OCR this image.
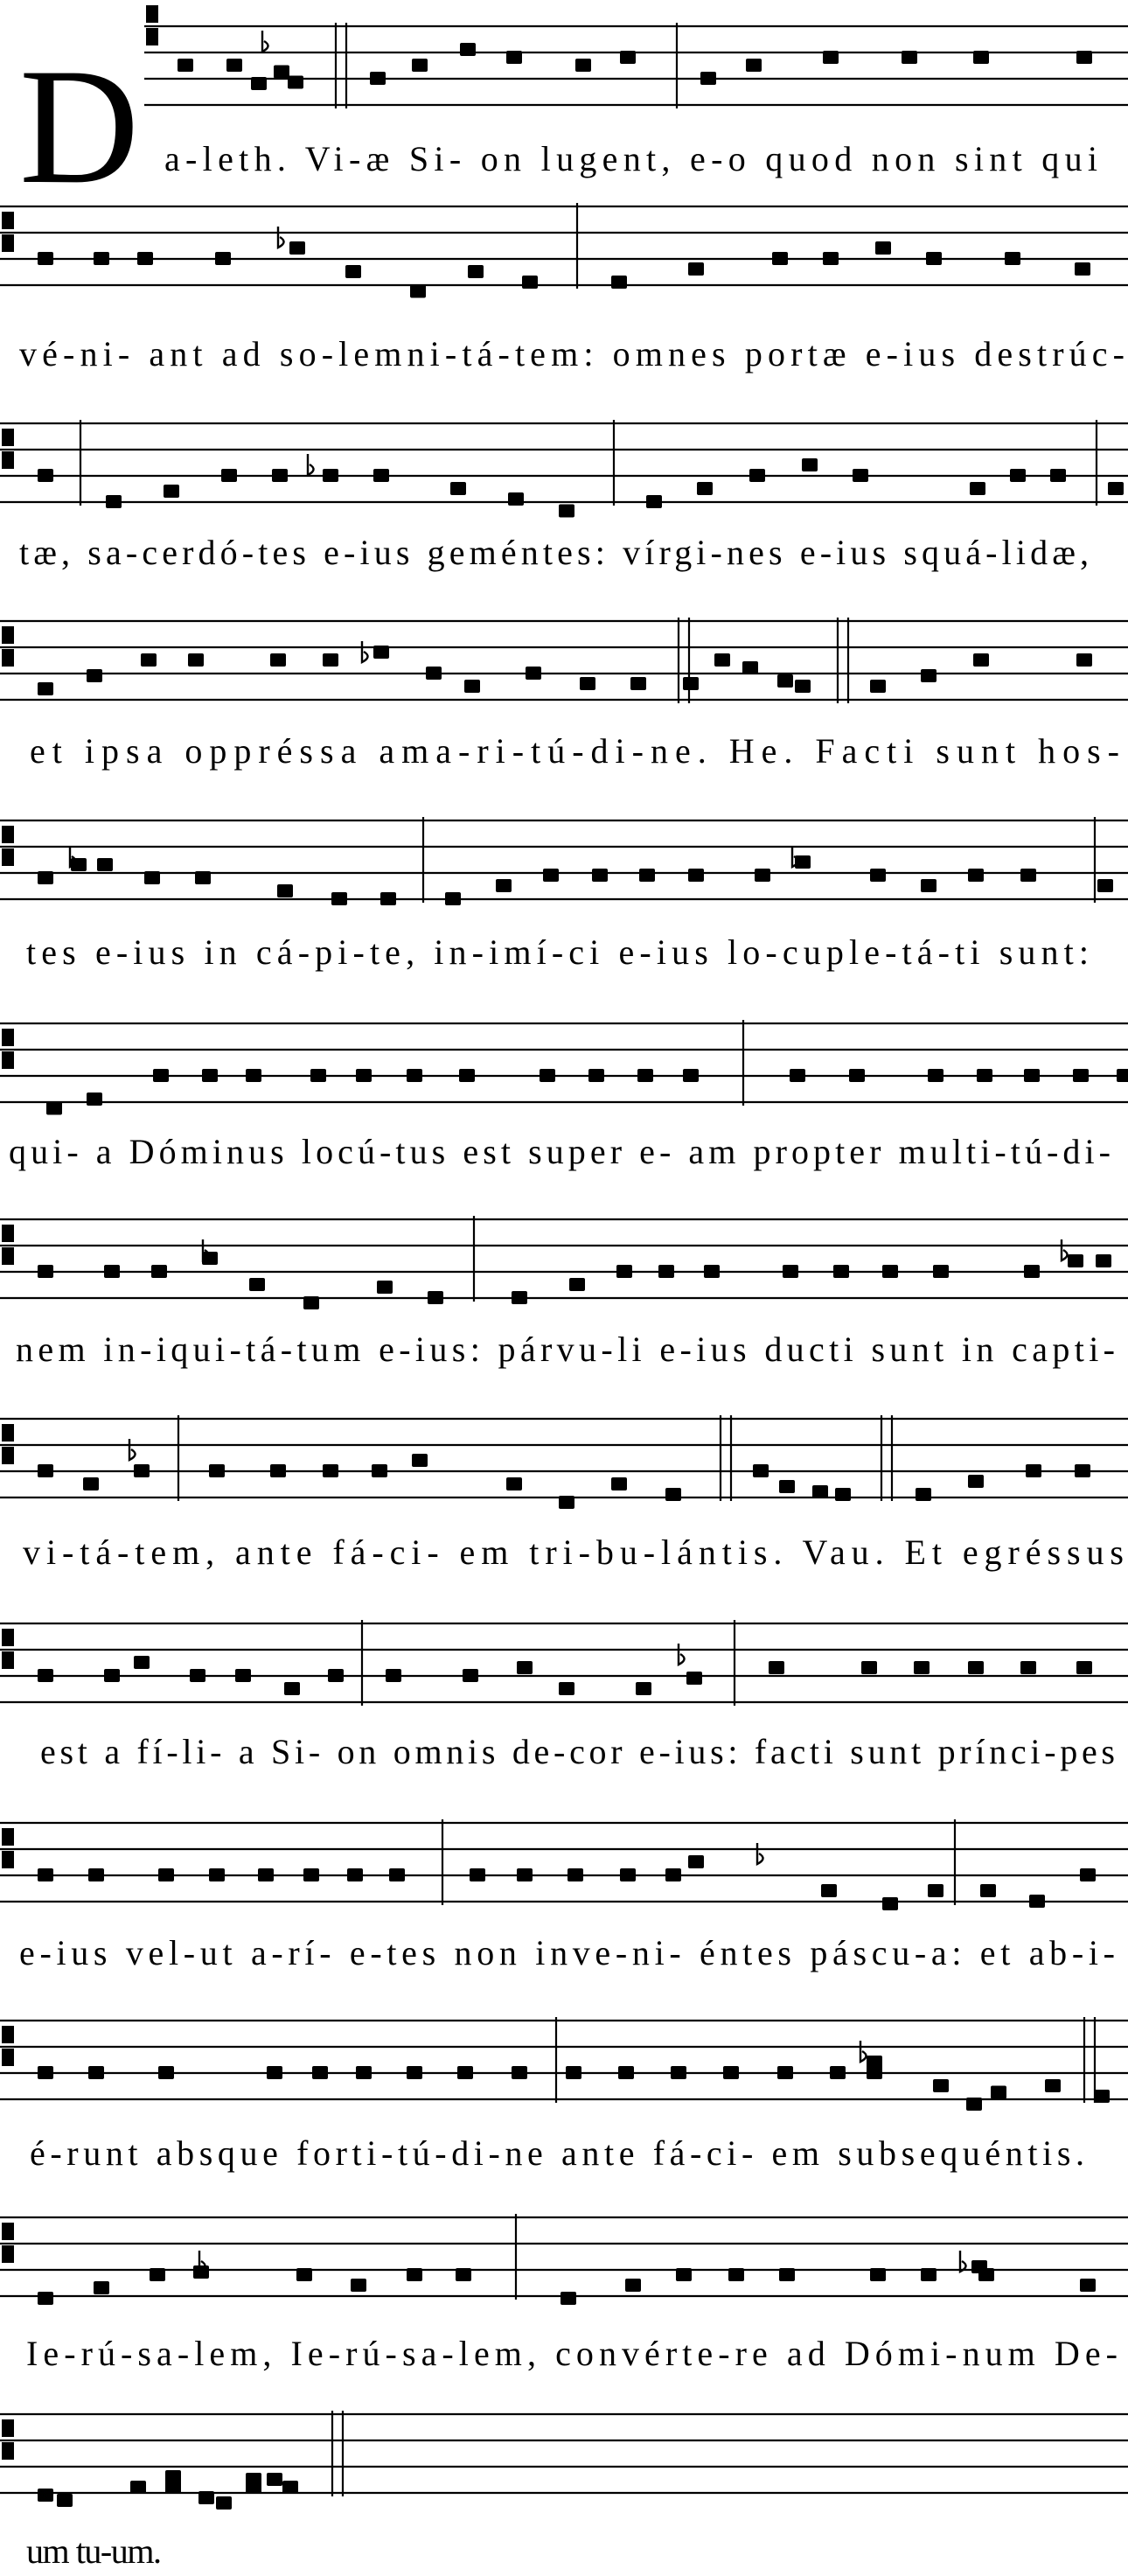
D a-leth. Vi-æ Si- on lugent, e-o quod non sint qui
vé-ni- ant ad so-lemni-tá-tem: omnes portæ e-ius destrúc-
tæ, sa-cerdó-tes e-ius geméntes: vírgi-nes e-ius squá-lidæ,
et ipsa oppréssa ama-ri-tú-di-ne. He. Facti sunt hos-
tes e-ius in cá-pi-te, in-imí-ci e-ius lo-cuple-tá-ti sunt:
qui- a Dóminus locú-tus est super e- am propter multi-tú-di-
nem in-iqui-tá-tum e-ius: párvu-li e-ius ducti sunt in capti-
vi-tá-tem, ante fá-ci- em tri-bu-lántis. Vau. Et egréssus
est a fí-li- a Si- on omnis de-cor e-ius: facti sunt prínci-pes
e-ius vel-ut a-rí- e-tes non inve-ni- éntes páscu-a: et ab-i-
é-runt absque forti-tú-di-ne ante fá-ci- em subsequéntis.
Ie-rú-sa-lem, Ie-rú-sa-lem, convérte-re ad Dómi-num De-
um tu-um.
